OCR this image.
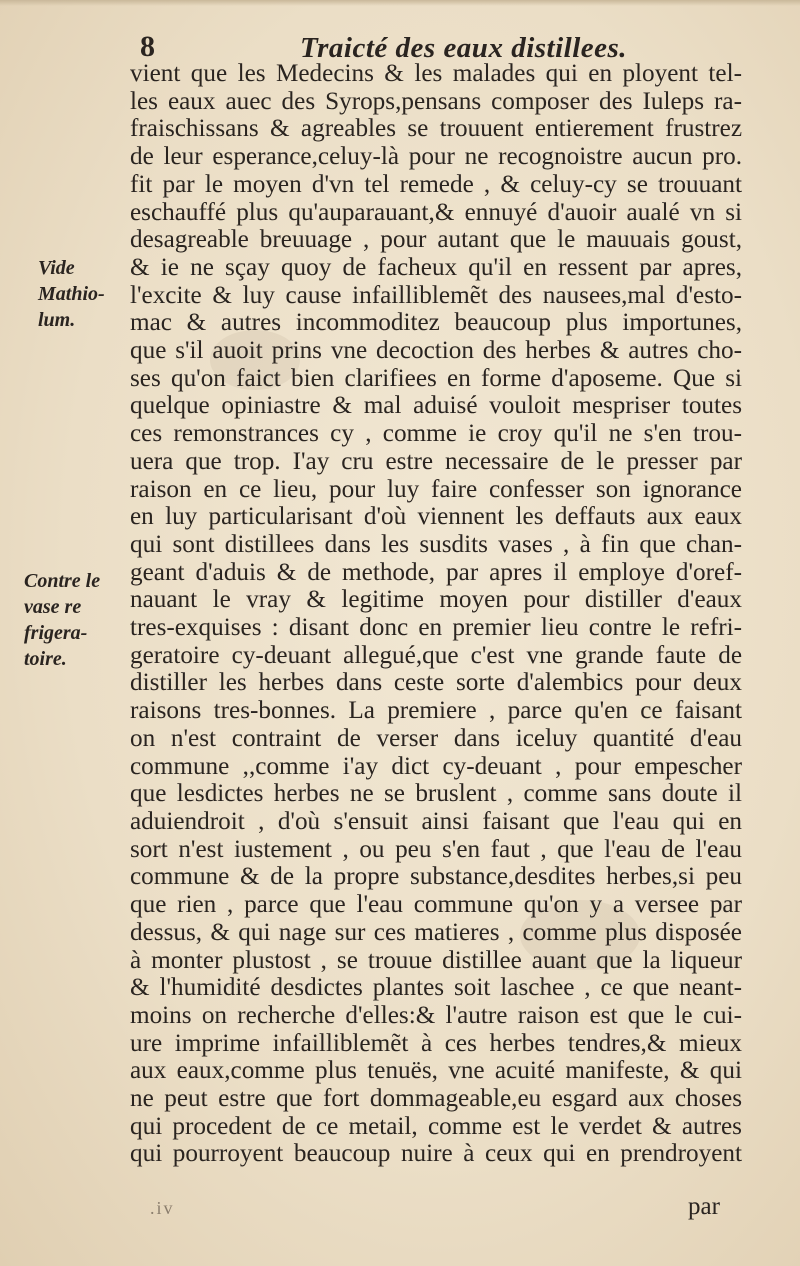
8	Traicté des eaux distillees.
Vide
Mathio-
lum.
Contre le
vase re
frigera-
toire.
vient que les Medecins & les malades qui en ployent tel-
les eaux auec des Syrops,pensans composer des Iuleps ra-
fraischissans & agreables se trouuent entierement frustrez
de leur esperance,celuy-là pour ne recognoistre aucun pro.
fit par le moyen d'vn tel remede , & celuy-cy se trouuant
eschauffé plus qu'auparauant,& ennuyé d'auoir aualé vn si
desagreable breuuage , pour autant que le mauuais goust,
& ie ne sçay quoy de facheux qu'il en ressent par apres,
l'excite & luy cause infailliblemẽt des nausees,mal d'esto-
mac & autres incommoditez beaucoup plus importunes,
que s'il auoit prins vne decoction des herbes & autres cho-
ses qu'on faict bien clarifiees en forme d'aposeme. Que si
quelque opiniastre & mal aduisé vouloit mespriser toutes
ces remonstrances cy , comme ie croy qu'il ne s'en trou-
uera que trop. I'ay cru estre necessaire de le presser par
raison en ce lieu, pour luy faire confesser son ignorance
en luy particularisant d'où viennent les deffauts aux eaux
qui sont distillees dans les susdits vases , à fin que chan-
geant d'aduis & de methode, par apres il employe d'oref-
nauant le vray & legitime moyen pour distiller d'eaux
tres-exquises : disant donc en premier lieu contre le refri-
geratoire cy-deuant allegué,que c'est vne grande faute de
distiller les herbes dans ceste sorte d'alembics pour deux
raisons tres-bonnes. La premiere , parce qu'en ce faisant
on n'est contraint de verser dans iceluy quantité d'eau
commune ,,comme i'ay dict cy-deuant , pour empescher
que lesdictes herbes ne se bruslent , comme sans doute il
aduiendroit , d'où s'ensuit ainsi faisant que l'eau qui en
sort n'est iustement , ou peu s'en faut , que l'eau de l'eau
commune & de la propre substance,desdites herbes,si peu
que rien , parce que l'eau commune qu'on y a versee par
dessus, & qui nage sur ces matieres , comme plus disposée
à monter plustost , se trouue distillee auant que la liqueur
& l'humidité desdictes plantes soit laschee , ce que neant-
moins on recherche d'elles:& l'autre raison est que le cui-
ure imprime infailliblemẽt à ces herbes tendres,& mieux
aux eaux,comme plus tenuës, vne acuité manifeste, & qui
ne peut estre que fort dommageable,eu esgard aux choses
qui procedent de ce metail, comme est le verdet & autres
qui pourroyent beaucoup nuire à ceux qui en prendroyent
.iv	par
